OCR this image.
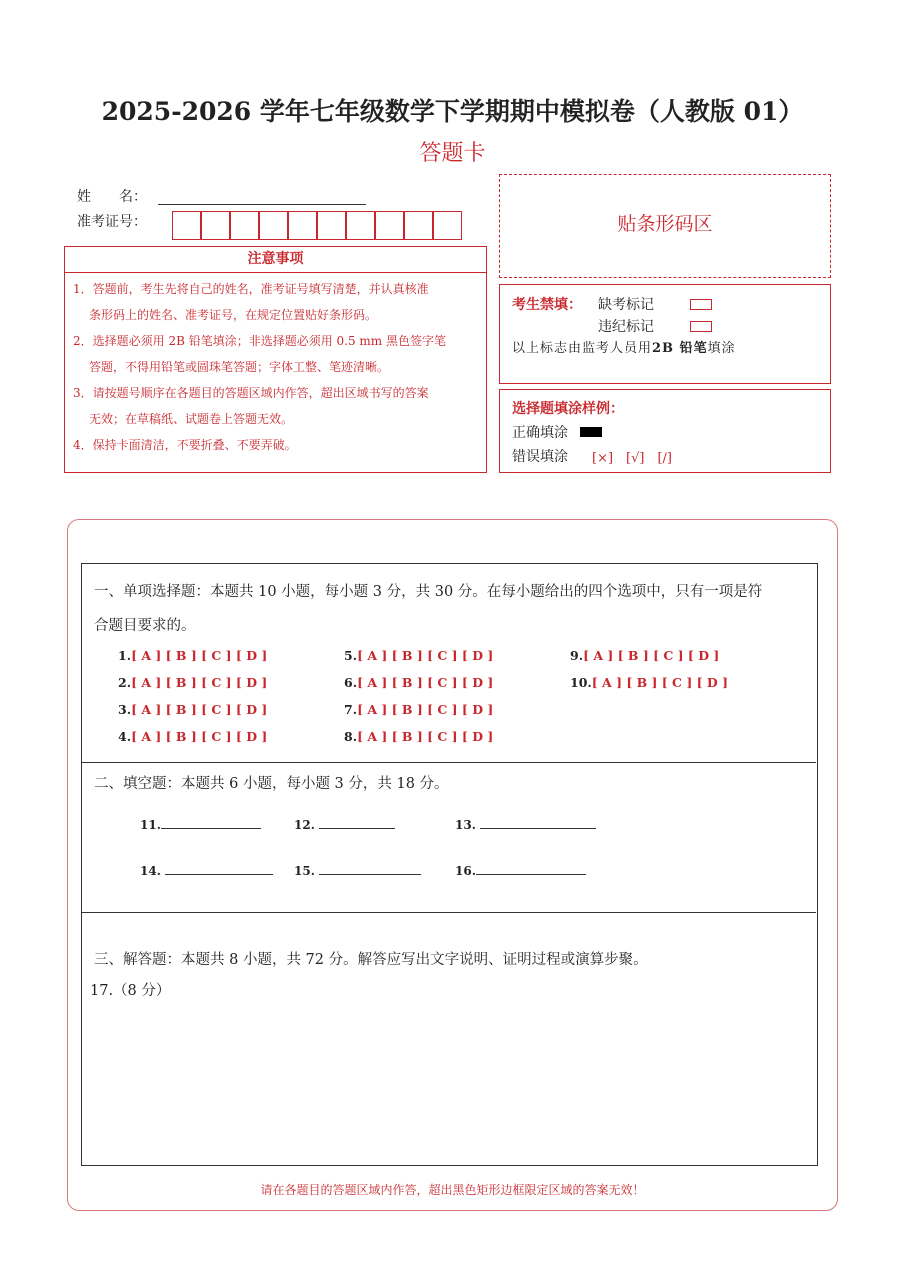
2025-2026 学年七年级数学下学期期中模拟卷（人教版 01）
答题卡
姓　　名：
准考证号：
注意事项
1．答题前，考生先将自己的姓名，准考证号填写清楚，并认真核准
条形码上的姓名、准考证号，在规定位置贴好条形码。
2．选择题必须用 2B 铅笔填涂；非选择题必须用 0.5 mm 黑色签字笔
答题，不得用铅笔或圆珠笔答题；字体工整、笔迹清晰。
3．请按题号顺序在各题目的答题区域内作答，超出区域书写的答案
无效；在草稿纸、试题卷上答题无效。
4．保持卡面清洁，不要折叠、不要弄破。
贴条形码区
考生禁填： 缺考标记
违纪标记
以上标志由监考人员用2B 铅笔填涂
选择题填涂样例：
正确填涂
错误填涂 [×]　[√]　[/]
一、单项选择题：本题共 10 小题，每小题 3 分，共 30 分。在每小题给出的四个选项中，只有一项是符
合题目要求的。
1.[ A ] [ B ] [ C ] [ D ]
2.[ A ] [ B ] [ C ] [ D ]
3.[ A ] [ B ] [ C ] [ D ]
4.[ A ] [ B ] [ C ] [ D ]
5.[ A ] [ B ] [ C ] [ D ]
6.[ A ] [ B ] [ C ] [ D ]
7.[ A ] [ B ] [ C ] [ D ]
8.[ A ] [ B ] [ C ] [ D ]
9.[ A ] [ B ] [ C ] [ D ]
10.[ A ] [ B ] [ C ] [ D ]
二、填空题：本题共 6 小题，每小题 3 分，共 18 分。
11.	12.	13.
14.	15.	16.
三、解答题：本题共 8 小题，共 72 分。解答应写出文字说明、证明过程或演算步聚。
17.（8 分）
请在各题目的答题区域内作答，超出黑色矩形边框限定区域的答案无效！
